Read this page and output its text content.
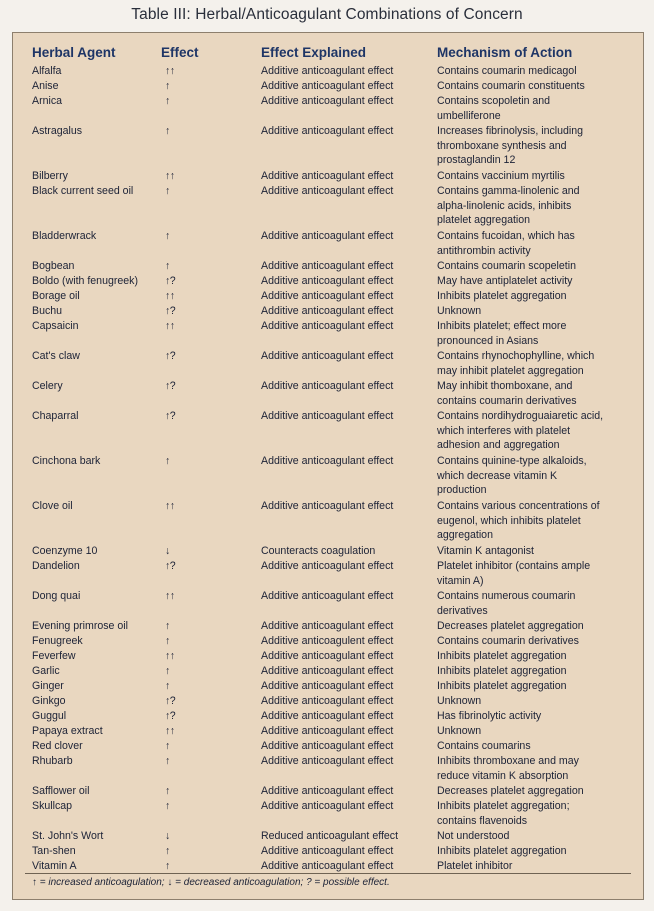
Table III: Herbal/Anticoagulant Combinations of Concern
Herbal Agent	Effect	Effect Explained	Mechanism of Action
Alfalfa	↑↑	Additive anticoagulant effect	Contains coumarin medicagol
Anise	↑	Additive anticoagulant effect	Contains coumarin constituents
Arnica	↑	Additive anticoagulant effect	Contains scopoletin and
umbelliferone
Astragalus	↑	Additive anticoagulant effect	Increases fibrinolysis, including
thromboxane synthesis and
prostaglandin 12
Bilberry	↑↑	Additive anticoagulant effect	Contains vaccinium myrtilis
Black current seed oil	↑	Additive anticoagulant effect	Contains gamma-linolenic and
alpha-linolenic acids, inhibits
platelet aggregation
Bladderwrack	↑	Additive anticoagulant effect	Contains fucoidan, which has
antithrombin activity
Bogbean	↑	Additive anticoagulant effect	Contains coumarin scopeletin
Boldo (with fenugreek)	↑?	Additive anticoagulant effect	May have antiplatelet activity
Borage oil	↑↑	Additive anticoagulant effect	Inhibits platelet aggregation
Buchu	↑?	Additive anticoagulant effect	Unknown
Capsaicin	↑↑	Additive anticoagulant effect	Inhibits platelet; effect more
pronounced in Asians
Cat's claw	↑?	Additive anticoagulant effect	Contains rhynochophylline, which
may inhibit platelet aggregation
Celery	↑?	Additive anticoagulant effect	May inhibit thomboxane, and
contains coumarin derivatives
Chaparral	↑?	Additive anticoagulant effect	Contains nordihydroguaiaretic acid,
which interferes with platelet
adhesion and aggregation
Cinchona bark	↑	Additive anticoagulant effect	Contains quinine-type alkaloids,
which decrease vitamin K
production
Clove oil	↑↑	Additive anticoagulant effect	Contains various concentrations of
eugenol, which inhibits platelet
aggregation
Coenzyme 10	↓	Counteracts coagulation	Vitamin K antagonist
Dandelion	↑?	Additive anticoagulant effect	Platelet inhibitor (contains ample
vitamin A)
Dong quai	↑↑	Additive anticoagulant effect	Contains numerous coumarin
derivatives
Evening primrose oil	↑	Additive anticoagulant effect	Decreases platelet aggregation
Fenugreek	↑	Additive anticoagulent effect	Contains coumarin derivatives
Feverfew	↑↑	Additive anticoagulant effect	Inhibits platelet aggregation
Garlic	↑	Additive anticoagulant effect	Inhibits platelet aggregation
Ginger	↑	Additive anticoagulant effect	Inhibits platelet aggregation
Ginkgo	↑?	Additive anticoagulant effect	Unknown
Guggul	↑?	Additive anticoagulant effect	Has fibrinolytic activity
Papaya extract	↑↑	Additive anticoagulant effect	Unknown
Red clover	↑	Additive anticoagulant effect	Contains coumarins
Rhubarb	↑	Additive anticoagulant effect	Inhibits thromboxane and may
reduce vitamin K absorption
Safflower oil	↑	Additive anticoagulant effect	Decreases platelet aggregation
Skullcap	↑	Additive anticoagulant effect	Inhibits platelet aggregation;
contains flavenoids
St. John's Wort	↓	Reduced anticoagulant effect	Not understood
Tan-shen	↑	Additive anticoagulant effect	Inhibits platelet aggregation
Vitamin A	↑	Additive anticoagulant effect	Platelet inhibitor
↑ = increased anticoagulation; ↓ = decreased anticoagulation; ? = possible effect.
